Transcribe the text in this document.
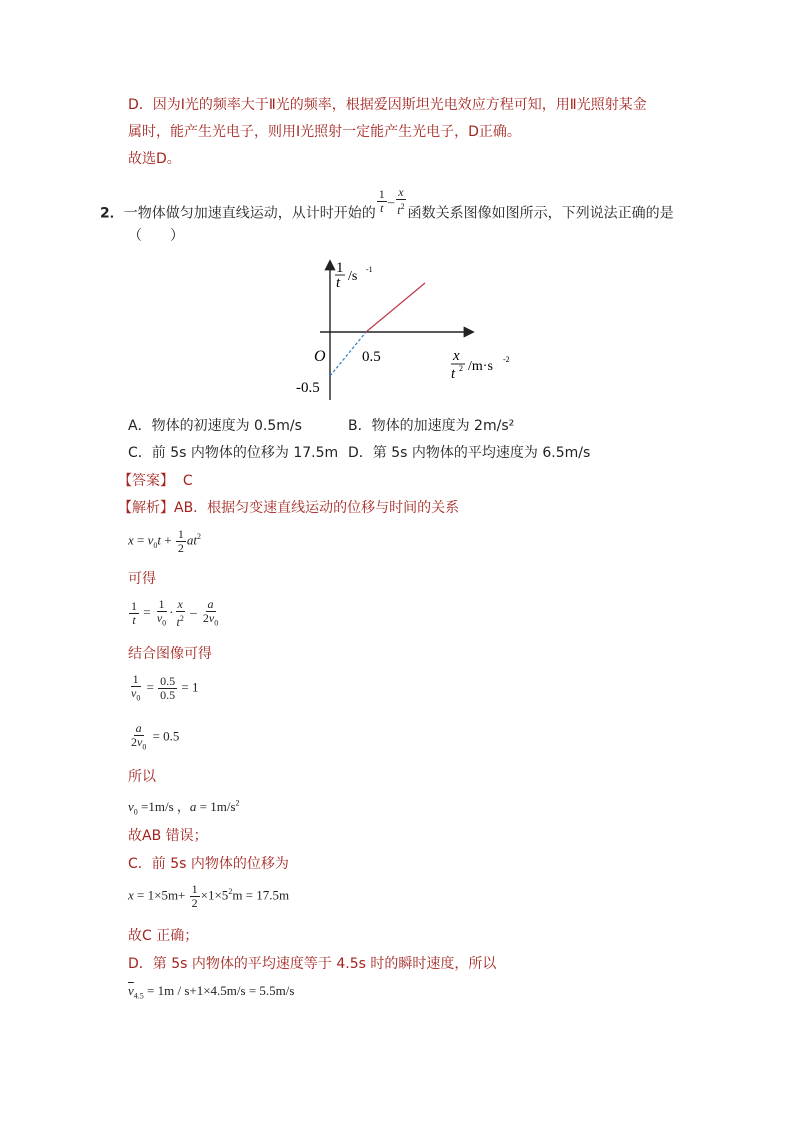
D．因为Ⅰ光的频率大于Ⅱ光的频率，根据爱因斯坦光电效应方程可知，用Ⅱ光照射某金
属时，能产生光电子，则用Ⅰ光照射一定能产生光电子，D正确。
故选D。
2．一物体做匀加速直线运动，从计时开始的 $\frac{1}{t} - \frac{x}{t^2}$ 函数关系图像如图所示，下列说法正确的是
（　　）
1
t /s -1
O 0.5
-0.5
x
t 2 /m·s -2
A．物体的初速度为 0.5m/s	B．物体的加速度为 2m/s²
C．前 5s 内物体的位移为 17.5m D．第 5s 内物体的平均速度为 6.5m/s
【答案】 C
【解析】AB．根据匀变速直线运动的位移与时间的关系
$x = v_0t + \frac{1}{2} at^2$
可得
$\frac{1}{t} = \frac{1}{v_0} \cdot \frac{x}{t^2} - \frac{a}{2v_0}$
结合图像可得
$\frac{1}{v_0} = \frac{0.5}{0.5} = 1$
$\frac{a}{2v_0} = 0.5$
所以
$v_0 =1m/s$ ，$a = 1m/s^2$
故AB 错误；
C．前 5s 内物体的位移为
$x = 1\times 5m+ \frac{1}{2} \times 1\times 5^2m = 17.5m$
故C 正确；
D．第 5s 内物体的平均速度等于 4.5s 时的瞬时速度，所以
$\overline{v}_{4.5} = 1m / s+1\times 4.5m/s = 5.5m/s$
